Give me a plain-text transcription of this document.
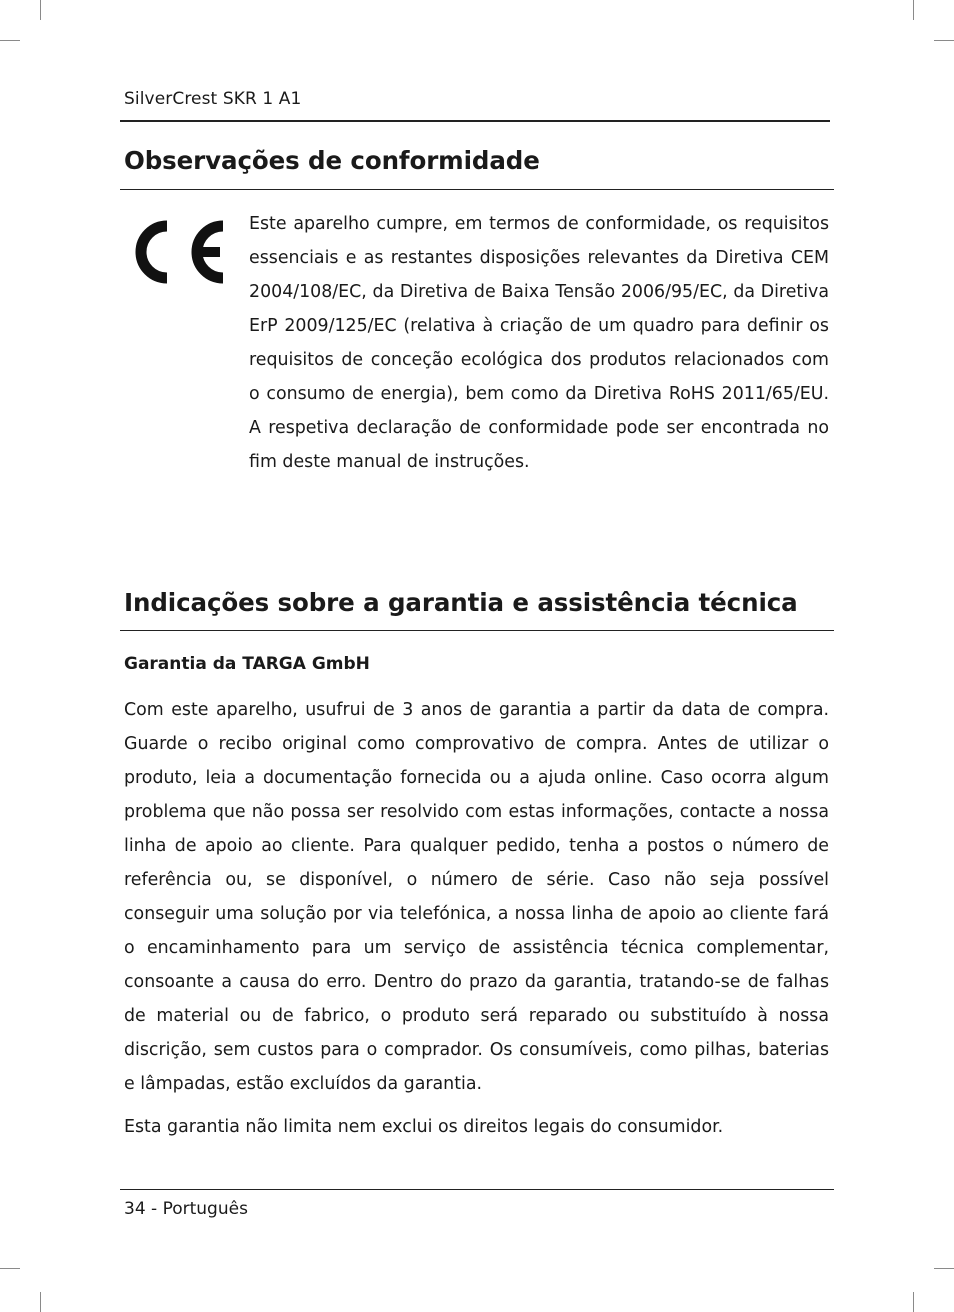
SilverCrest SKR 1 A1
Observações de conformidade

Este aparelho cumpre, em termos de conformidade, os requisitos essenciais e as restantes disposições relevantes da Diretiva CEM 2004/108/EC, da Diretiva de Baixa Tensão 2006/95/EC, da Diretiva ErP 2009/125/EC (relativa à criação de um quadro para definir os requisitos de conceção ecológica dos produtos relacionados com o consumo de energia), bem como da Diretiva RoHS 2011/65/EU. A respetiva declaração de conformidade pode ser encontrada no fim deste manual de instruções.

Indicações sobre a garantia e assistência técnica
Garantia da TARGA GmbH

Com este aparelho, usufrui de 3 anos de garantia a partir da data de compra. Guarde o recibo original como comprovativo de compra. Antes de utilizar o produto, leia a documentação fornecida ou a ajuda online. Caso ocorra algum problema que não possa ser resolvido com estas informações, contacte a nossa linha de apoio ao cliente. Para qualquer pedido, tenha a postos o número de referência ou, se disponível, o número de série. Caso não seja possível conseguir uma solução por via telefónica, a nossa linha de apoio ao cliente fará o encaminhamento para um serviço de assistência técnica complementar, consoante a causa do erro. Dentro do prazo da garantia, tratando-se de falhas de material ou de fabrico, o produto será reparado ou substituído à nossa discrição, sem custos para o comprador. Os consumíveis, como pilhas, baterias e lâmpadas, estão excluídos da garantia.

Esta garantia não limita nem exclui os direitos legais do consumidor.

34 - Português
